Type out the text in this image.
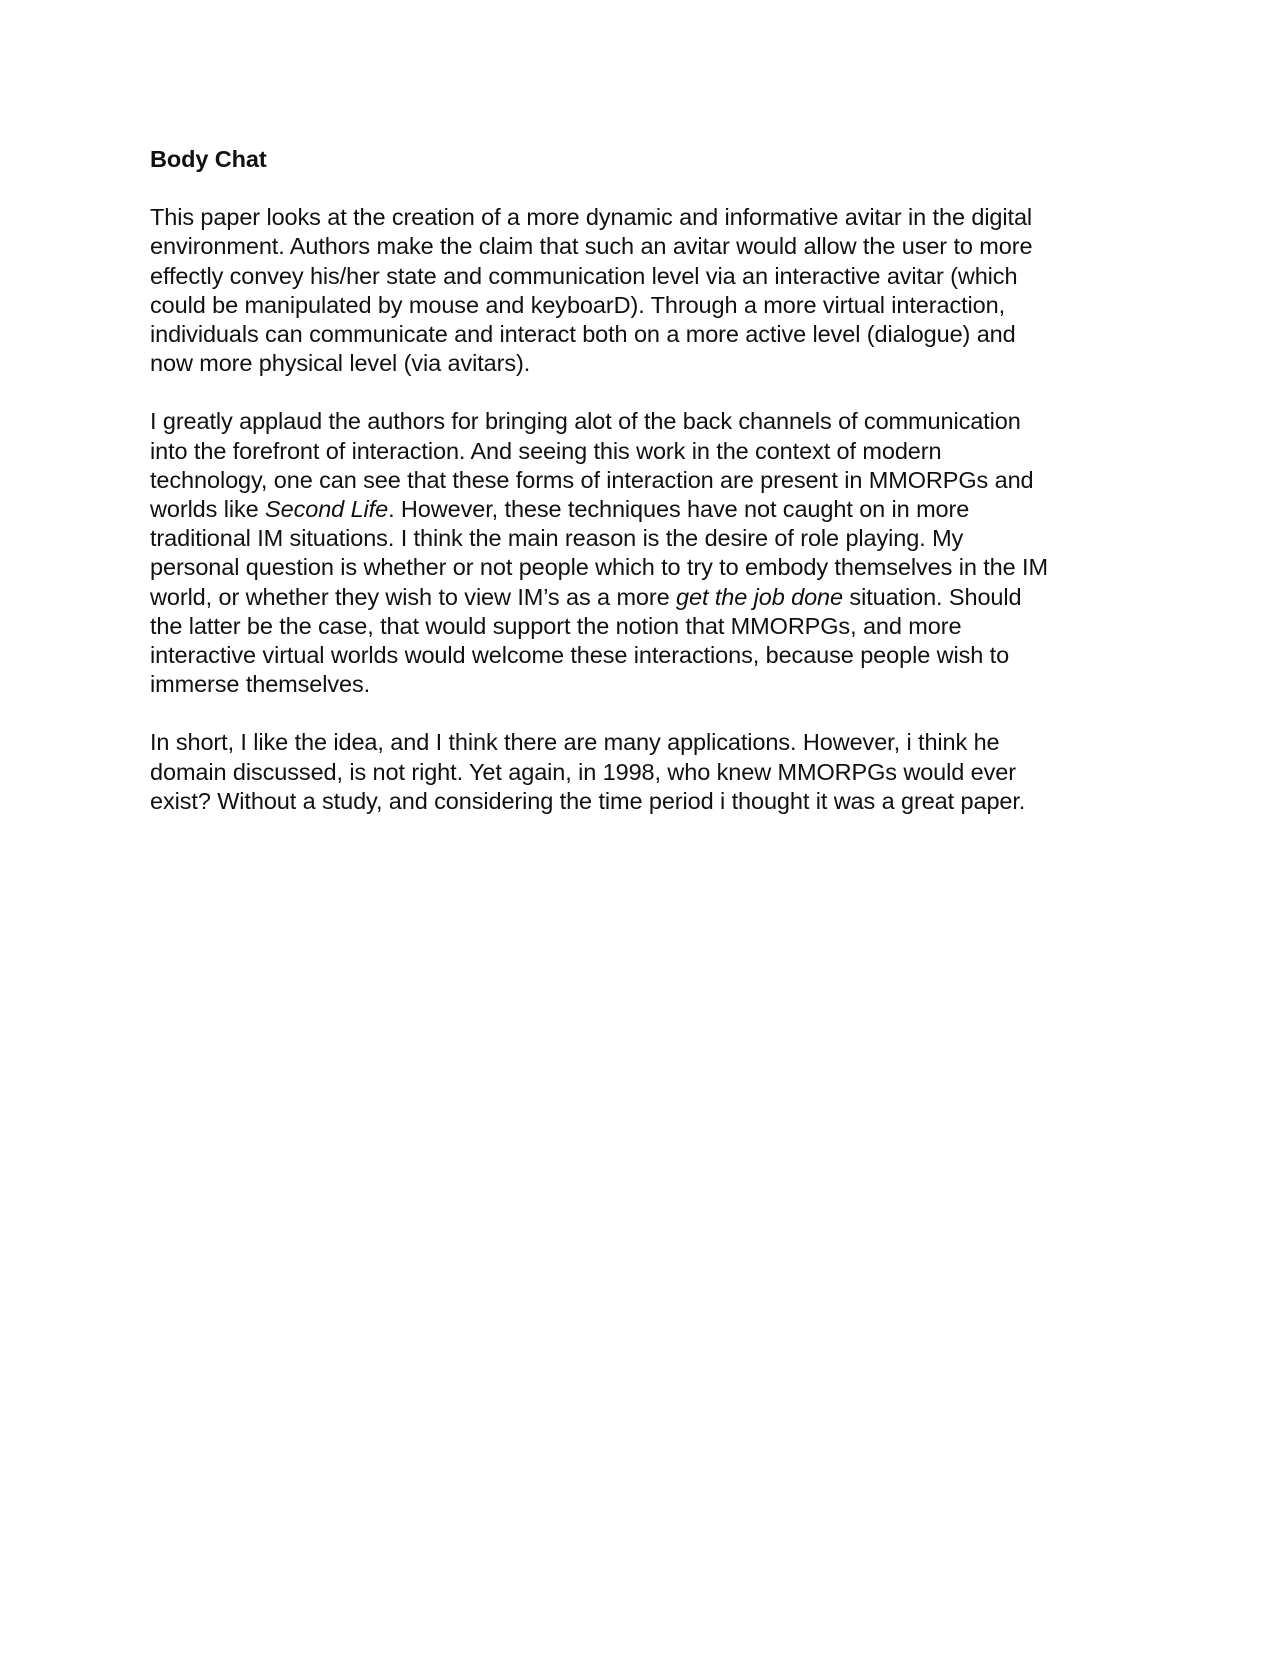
Body Chat
This paper looks at the creation of a more dynamic and informative avitar in the digital
environment. Authors make the claim that such an avitar would allow the user to more
effectly convey his/her state and communication level via an interactive avitar (which
could be manipulated by mouse and keyboarD). Through a more virtual interaction,
individuals can communicate and interact both on a more active level (dialogue) and
now more physical level (via avitars).
I greatly applaud the authors for bringing alot of the back channels of communication
into the forefront of interaction. And seeing this work in the context of modern
technology, one can see that these forms of interaction are present in MMORPGs and
worlds like Second Life. However, these techniques have not caught on in more
traditional IM situations. I think the main reason is the desire of role playing. My
personal question is whether or not people which to try to embody themselves in the IM
world, or whether they wish to view IM’s as a more get the job done situation. Should
the latter be the case, that would support the notion that MMORPGs, and more
interactive virtual worlds would welcome these interactions, because people wish to
immerse themselves.
In short, I like the idea, and I think there are many applications. However, i think he
domain discussed, is not right. Yet again, in 1998, who knew MMORPGs would ever
exist? Without a study, and considering the time period i thought it was a great paper.
